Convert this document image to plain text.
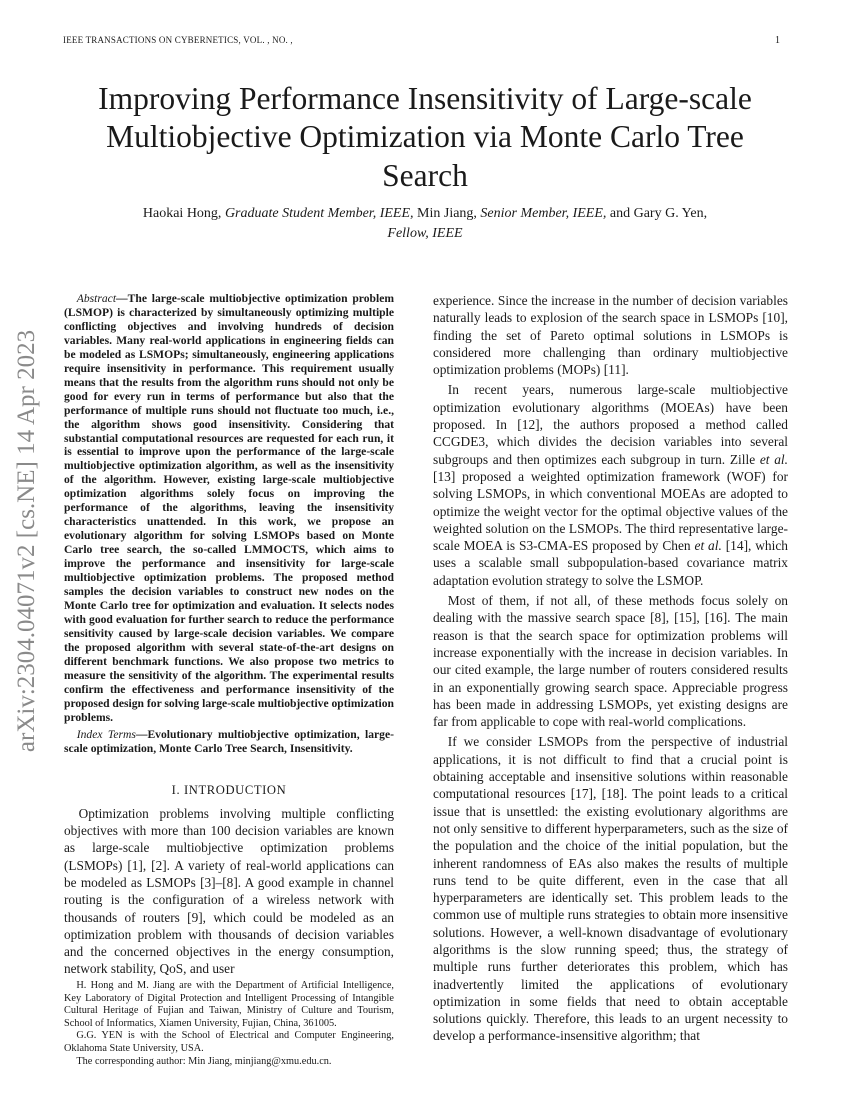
IEEE TRANSACTIONS ON CYBERNETICS, VOL. , NO. ,	1
arXiv:2304.04071v2 [cs.NE] 14 Apr 2023
Improving Performance Insensitivity of Large-scale Multiobjective Optimization via Monte Carlo Tree Search
Haokai Hong, Graduate Student Member, IEEE, Min Jiang, Senior Member, IEEE, and Gary G. Yen,
Fellow, IEEE

Abstract—The large-scale multiobjective optimization problem (LSMOP) is characterized by simultaneously optimizing multiple conflicting objectives and involving hundreds of decision variables. Many real-world applications in engineering fields can be modeled as LSMOPs; simultaneously, engineering applications require insensitivity in performance. This requirement usually means that the results from the algorithm runs should not only be good for every run in terms of performance but also that the performance of multiple runs should not fluctuate too much, i.e., the algorithm shows good insensitivity. Considering that substantial computational resources are requested for each run, it is essential to improve upon the performance of the large-scale multiobjective optimization algorithm, as well as the insensitivity of the algorithm. However, existing large-scale multiobjective optimization algorithms solely focus on improving the performance of the algorithms, leaving the insensitivity characteristics unattended. In this work, we propose an evolutionary algorithm for solving LSMOPs based on Monte Carlo tree search, the so-called LMMOCTS, which aims to improve the performance and insensitivity for large-scale multiobjective optimization problems. The proposed method samples the decision variables to construct new nodes on the Monte Carlo tree for optimization and evaluation. It selects nodes with good evaluation for further search to reduce the performance sensitivity caused by large-scale decision variables. We compare the proposed algorithm with several state-of-the-art designs on different benchmark functions. We also propose two metrics to measure the sensitivity of the algorithm. The experimental results confirm the effectiveness and performance insensitivity of the proposed design for solving large-scale multiobjective optimization problems.

Index Terms—Evolutionary multiobjective optimization, large-scale optimization, Monte Carlo Tree Search, Insensitivity.

I. INTRODUCTION

Optimization problems involving multiple conflicting objectives with more than 100 decision variables are known as large-scale multiobjective optimization problems (LSMOPs) [1], [2]. A variety of real-world applications can be modeled as LSMOPs [3]–[8]. A good example in channel routing is the configuration of a wireless network with thousands of routers [9], which could be modeled as an optimization problem with thousands of decision variables and the concerned objectives in the energy consumption, network stability, QoS, and user

H. Hong and M. Jiang are with the Department of Artificial Intelligence, Key Laboratory of Digital Protection and Intelligent Processing of Intangible Cultural Heritage of Fujian and Taiwan, Ministry of Culture and Tourism, School of Informatics, Xiamen University, Fujian, China, 361005.

G.G. YEN is with the School of Electrical and Computer Engineering, Oklahoma State University, USA.

The corresponding author: Min Jiang, minjiang@xmu.edu.cn.

experience. Since the increase in the number of decision variables naturally leads to explosion of the search space in LSMOPs [10], finding the set of Pareto optimal solutions in LSMOPs is considered more challenging than ordinary multiobjective optimization problems (MOPs) [11].

In recent years, numerous large-scale multiobjective optimization evolutionary algorithms (MOEAs) have been proposed. In [12], the authors proposed a method called CCGDE3, which divides the decision variables into several subgroups and then optimizes each subgroup in turn. Zille et al. [13] proposed a weighted optimization framework (WOF) for solving LSMOPs, in which conventional MOEAs are adopted to optimize the weight vector for the optimal objective values of the weighted solution on the LSMOPs. The third representative large-scale MOEA is S3-CMA-ES proposed by Chen et al. [14], which uses a scalable small subpopulation-based covariance matrix adaptation evolution strategy to solve the LSMOP.

Most of them, if not all, of these methods focus solely on dealing with the massive search space [8], [15], [16]. The main reason is that the search space for optimization problems will increase exponentially with the increase in decision variables. In our cited example, the large number of routers considered results in an exponentially growing search space. Appreciable progress has been made in addressing LSMOPs, yet existing designs are far from applicable to cope with real-world complications.

If we consider LSMOPs from the perspective of industrial applications, it is not difficult to find that a crucial point is obtaining acceptable and insensitive solutions within reasonable computational resources [17], [18]. The point leads to a critical issue that is unsettled: the existing evolutionary algorithms are not only sensitive to different hyperparameters, such as the size of the population and the choice of the initial population, but the inherent randomness of EAs also makes the results of multiple runs tend to be quite different, even in the case that all hyperparameters are identically set. This problem leads to the common use of multiple runs strategies to obtain more insensitive solutions. However, a well-known disadvantage of evolutionary algorithms is the slow running speed; thus, the strategy of multiple runs further deteriorates this problem, which has inadvertently limited the applications of evolutionary optimization in some fields that need to obtain acceptable solutions quickly. Therefore, this leads to an urgent necessity to develop a performance-insensitive algorithm; that
